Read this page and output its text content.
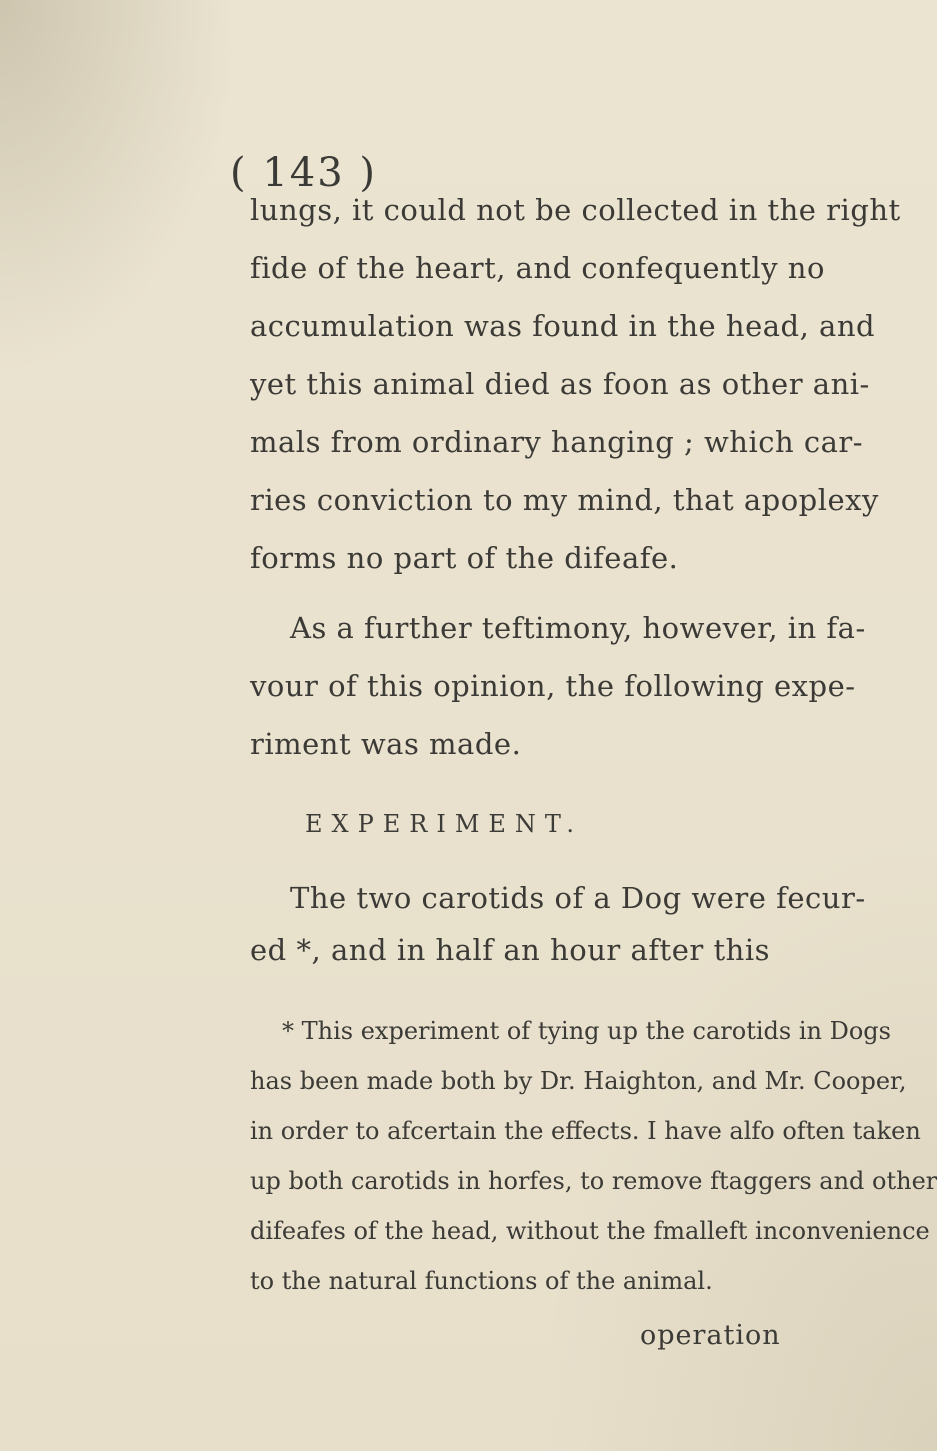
( 143 )
lungs, it could not be collected in the right
fide of the heart, and confequently no
accumulation was found in the head, and
yet this animal died as foon as other ani-
mals from ordinary hanging ; which car-
ries conviction to my mind, that apoplexy
forms no part of the difeafe.
As a further teftimony, however, in fa-
vour of this opinion, the following expe-
riment was made.
EXPERIMENT.
The two carotids of a Dog were fecur-
ed *, and in half an hour after this
* This experiment of tying up the carotids in Dogs
has been made both by Dr. Haighton, and Mr. Cooper,
in order to afcertain the effects. I have alfo often taken
up both carotids in horfes, to remove ftaggers and other
difeafes of the head, without the fmalleft inconvenience
to the natural functions of the animal.
operation
